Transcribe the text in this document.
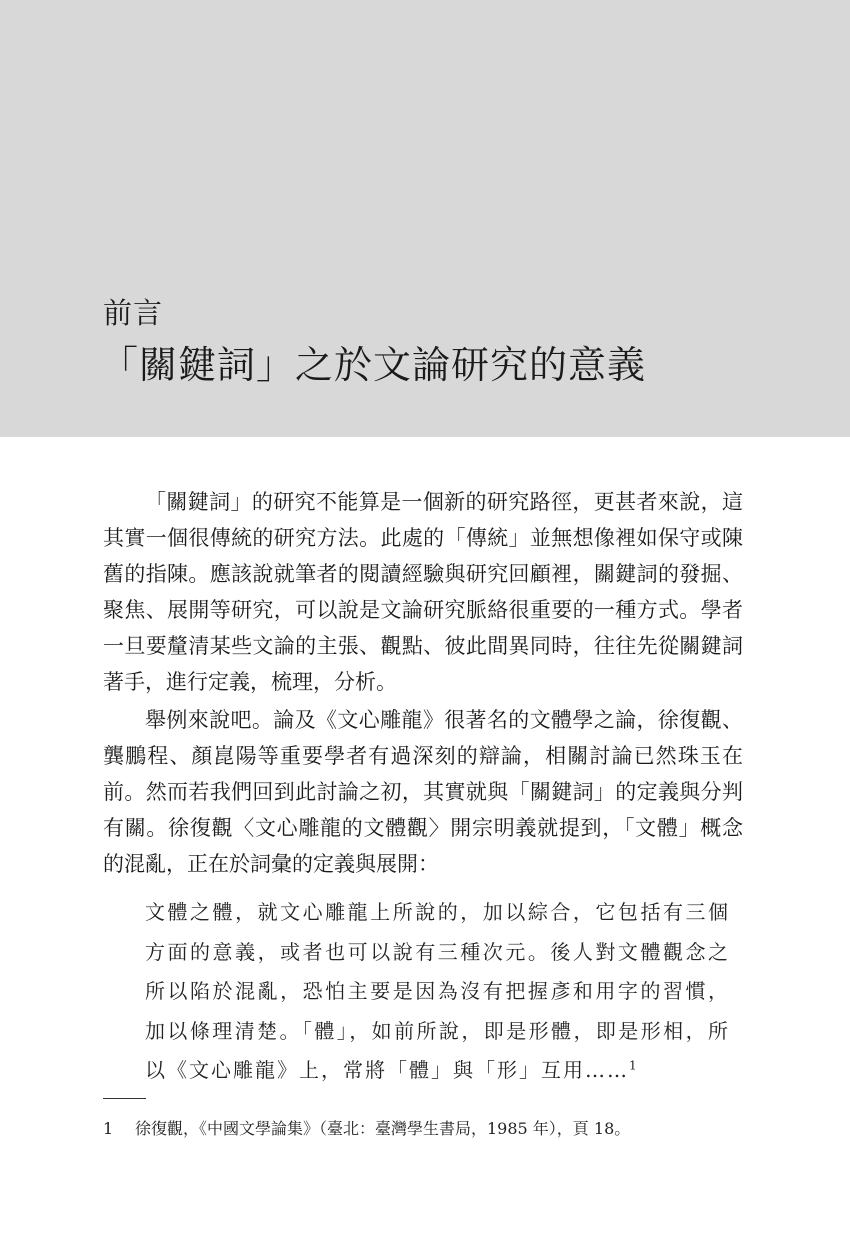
前言
「關鍵詞」之於文論研究的意義

「關鍵詞」的研究不能算是一個新的研究路徑，更甚者來說，這其實一個很傳統的研究方法。此處的「傳統」並無想像裡如保守或陳舊的指陳。應該說就筆者的閱讀經驗與研究回顧裡，關鍵詞的發掘、聚焦、展開等研究，可以說是文論研究脈絡很重要的一種方式。學者一旦要釐清某些文論的主張、觀點、彼此間異同時，往往先從關鍵詞著手，進行定義，梳理，分析。

舉例來說吧。論及《文心雕龍》很著名的文體學之論，徐復觀、龔鵬程、顏崑陽等重要學者有過深刻的辯論，相關討論已然珠玉在前。然而若我們回到此討論之初，其實就與「關鍵詞」的定義與分判有關。徐復觀〈文心雕龍的文體觀〉開宗明義就提到，「文體」概念的混亂，正在於詞彙的定義與展開：

文體之體，就文心雕龍上所說的，加以綜合，它包括有三個方面的意義，或者也可以說有三種次元。後人對文體觀念之所以陷於混亂，恐怕主要是因為沒有把握彥和用字的習慣，加以條理清楚。「體」，如前所說，即是形體，即是形相，所以《文心雕龍》上，常將「體」與「形」互用……$^1$

1 徐復觀，《中國文學論集》（臺北：臺灣學生書局，1985 年），頁 18。
